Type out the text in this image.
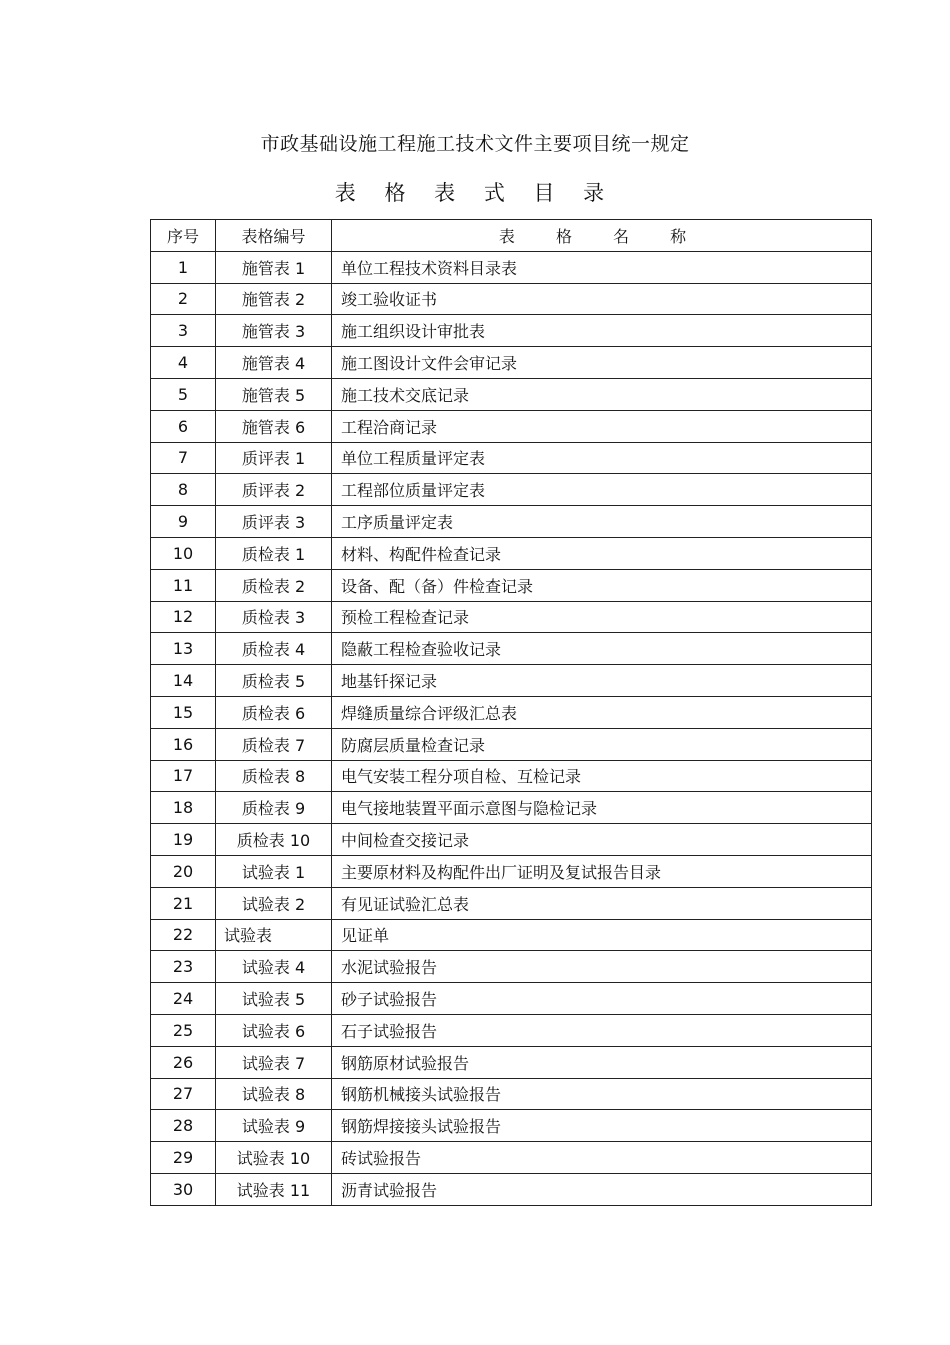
市政基础设施工程施工技术文件主要项目统一规定
表 格 表 式 目 录
序号	表格编号	表 格 名 称
1	施管表 1	单位工程技术资料目录表
2	施管表 2	竣工验收证书
3	施管表 3	施工组织设计审批表
4	施管表 4	施工图设计文件会审记录
5	施管表 5	施工技术交底记录
6	施管表 6	工程洽商记录
7	质评表 1	单位工程质量评定表
8	质评表 2	工程部位质量评定表
9	质评表 3	工序质量评定表
10	质检表 1	材料、构配件检查记录
11	质检表 2	设备、配（备）件检查记录
12	质检表 3	预检工程检查记录
13	质检表 4	隐蔽工程检查验收记录
14	质检表 5	地基钎探记录
15	质检表 6	焊缝质量综合评级汇总表
16	质检表 7	防腐层质量检查记录
17	质检表 8	电气安装工程分项自检、互检记录
18	质检表 9	电气接地装置平面示意图与隐检记录
19	质检表 10	中间检查交接记录
20	试验表 1	主要原材料及构配件出厂证明及复试报告目录
21	试验表 2	有见证试验汇总表
22	试验表	见证单
23	试验表 4	水泥试验报告
24	试验表 5	砂子试验报告
25	试验表 6	石子试验报告
26	试验表 7	钢筋原材试验报告
27	试验表 8	钢筋机械接头试验报告
28	试验表 9	钢筋焊接接头试验报告
29	试验表 10	砖试验报告
30	试验表 11	沥青试验报告
